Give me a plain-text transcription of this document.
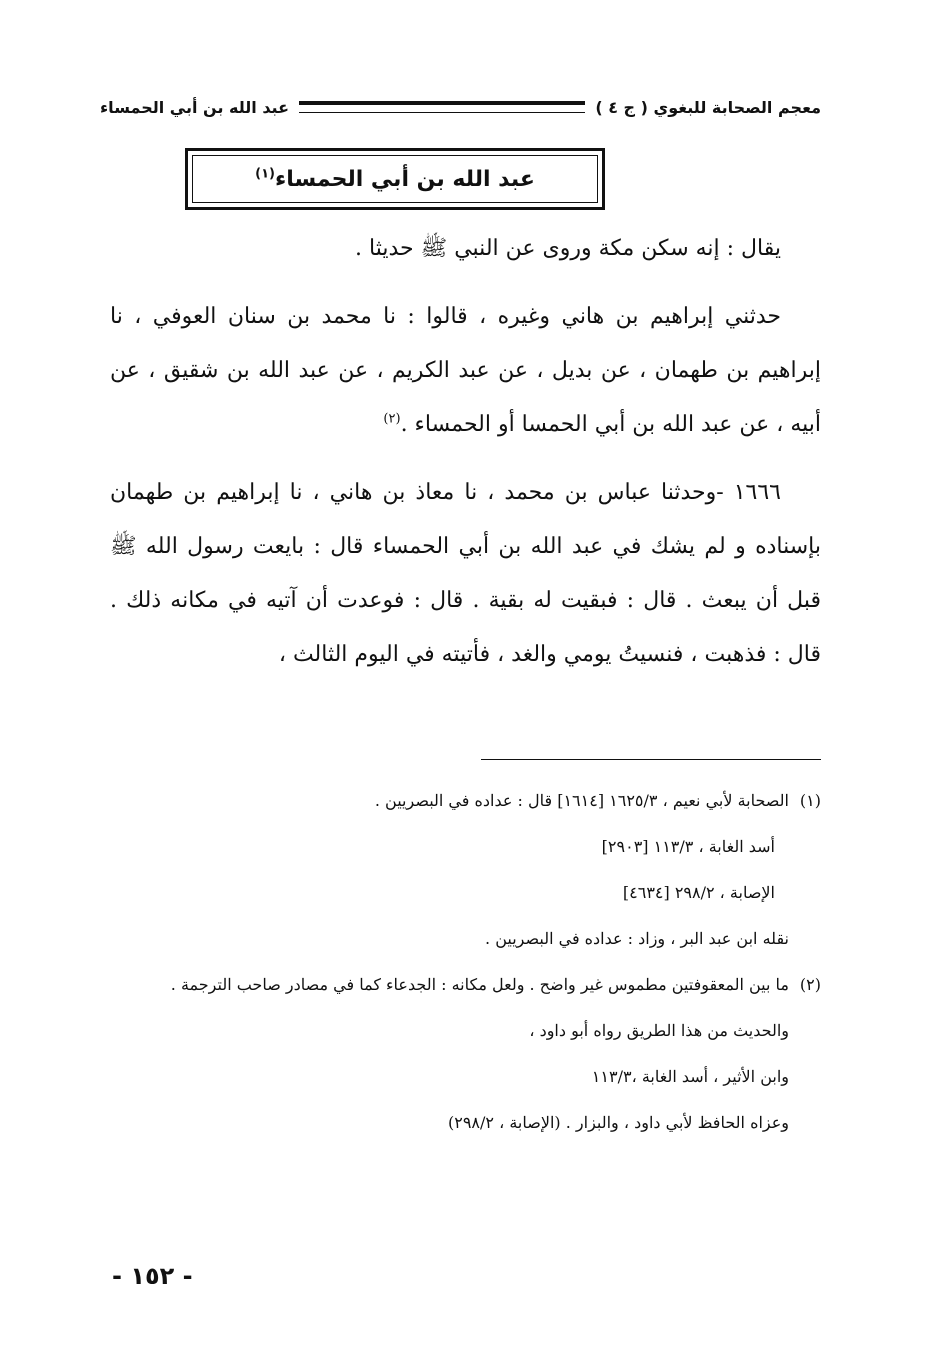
معجم الصحابة للبغوي ( ج ٤ )
عبد الله بن أبي الحمساء
عبد الله بن أبي الحمساء$^{(١)}$

يقال : إنه سكن مكة وروى عن النبي ﷺ حديثا .

حدثني إبراهيم بن هاني وغيره ، قالوا : نا محمد بن سنان العوفي ، نا إبراهيم بن طهمان ، عن بديل ، عن عبد الكريم ، عن عبد الله بن شقيق ، عن أبيه ، عن عبد الله بن أبي الحمسا أو الحمساء .$^{(٢)}$

١٦٦٦ -وحدثنا عباس بن محمد ، نا معاذ بن هاني ، نا إبراهيم بن طهمان بإسناده و لم يشك في عبد الله بن أبي الحمساء قال : بايعت رسول الله ﷺ قبل أن يبعث . قال : فبقيت له بقية . قال : فوعدت أن آتيه في مكانه ذلك . قال : فذهبت ، فنسيتُ يومي والغد ، فأتيته في اليوم الثالث ،

(١)
الصحابة لأبي نعيم ، ١٦٢٥/٣ [١٦١٤] قال : عداده في البصريين .
أسد الغابة ، ١١٣/٣ [٢٩٠٣]
الإصابة ، ٢٩٨/٢ [٤٦٣٤]
نقله ابن عبد البر ، وزاد : عداده في البصريين .
(٢)
ما بين المعقوفتين مطموس غير واضح . ولعل مكانه : الجدعاء كما في مصادر صاحب الترجمة .
والحديث من هذا الطريق رواه أبو داود ،
وابن الأثير ، أسد الغابة ،١١٣/٣
وعزاه الحافظ لأبي داود ، والبزار . (الإصابة ، ٢٩٨/٢)
- ١٥٢ -
